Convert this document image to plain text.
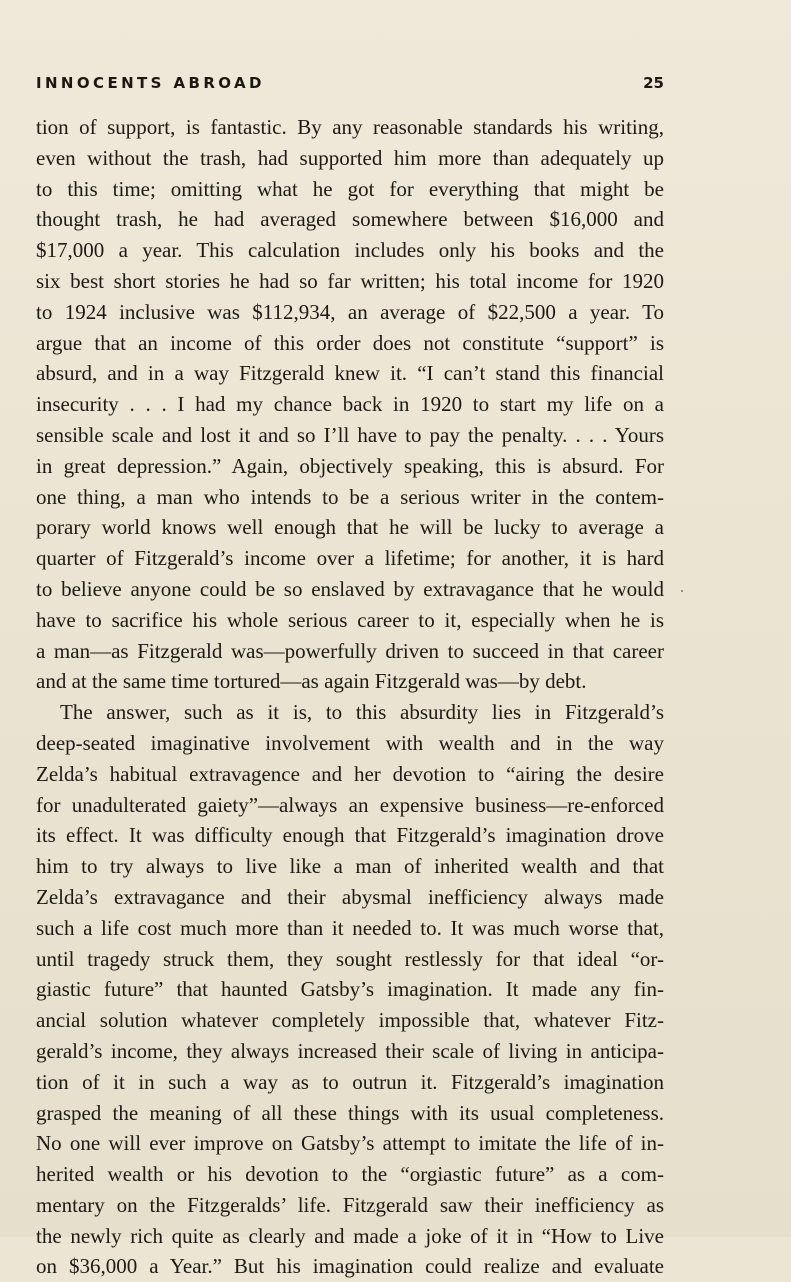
INNOCENTS ABROAD	25
tion of support, is fantastic. By any reasonable standards his writing,
even without the trash, had supported him more than adequately up
to this time; omitting what he got for everything that might be
thought trash, he had averaged somewhere between $16,000 and
$17,000 a year. This calculation includes only his books and the
six best short stories he had so far written; his total income for 1920
to 1924 inclusive was $112,934, an average of $22,500 a year. To
argue that an income of this order does not constitute “support” is
absurd, and in a way Fitzgerald knew it. “I can’t stand this financial
insecurity . . . I had my chance back in 1920 to start my life on a
sensible scale and lost it and so I’ll have to pay the penalty. . . . Yours
in great depression.” Again, objectively speaking, this is absurd. For
one thing, a man who intends to be a serious writer in the contem-
porary world knows well enough that he will be lucky to average a
quarter of Fitzgerald’s income over a lifetime; for another, it is hard
to believe anyone could be so enslaved by extravagance that he would
have to sacrifice his whole serious career to it, especially when he is
a man—as Fitzgerald was—powerfully driven to succeed in that career
and at the same time tortured—as again Fitzgerald was—by debt.
The answer, such as it is, to this absurdity lies in Fitzgerald’s
deep-seated imaginative involvement with wealth and in the way
Zelda’s habitual extravagence and her devotion to “airing the desire
for unadulterated gaiety”—always an expensive business—re-enforced
its effect. It was difficulty enough that Fitzgerald’s imagination drove
him to try always to live like a man of inherited wealth and that
Zelda’s extravagance and their abysmal inefficiency always made
such a life cost much more than it needed to. It was much worse that,
until tragedy struck them, they sought restlessly for that ideal “or-
giastic future” that haunted Gatsby’s imagination. It made any fin-
ancial solution whatever completely impossible that, whatever Fitz-
gerald’s income, they always increased their scale of living in anticipa-
tion of it in such a way as to outrun it. Fitzgerald’s imagination
grasped the meaning of all these things with its usual completeness.
No one will ever improve on Gatsby’s attempt to imitate the life of in-
herited wealth or his devotion to the “orgiastic future” as a com-
mentary on the Fitzgeralds’ life. Fitzgerald saw their inefficiency as
the newly rich quite as clearly and made a joke of it in “How to Live
on $36,000 a Year.” But his imagination could realize and evaluate
